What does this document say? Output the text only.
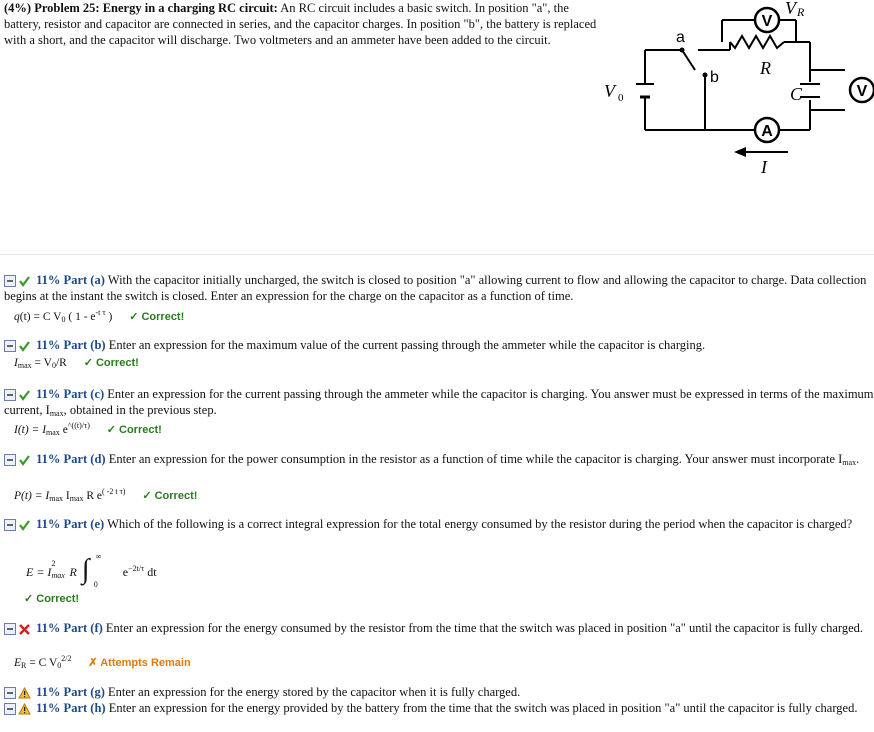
(4%) Problem 25: Energy in a charging RC circuit: An RC circuit includes a basic switch. In position "a", the battery, resistor and capacitor are connected in series, and the capacitor charges. In position "b", the battery is replaced with a short, and the capacitor will discharge. Two voltmeters and an ammeter have been added to the circuit.
V
A
V
a
b R
C
V 0
V R
I
11% Part (a) With the capacitor initially uncharged, the switch is closed to position "a" allowing current to flow and allowing the capacitor to charge. Data collection begins at the instant the switch is closed. Enter an expression for the charge on the capacitor as a function of time.
q(t) = C $V_0$ ( $1 - e^{-t \tau}$ ) ✓ Correct!
11% Part (b) Enter an expression for the maximum value of the current passing through the ammeter while the capacitor is charging.
$I_{max} = V_0/R$ ✓ Correct!
11% Part (c) Enter an expression for the current passing through the ammeter while the capacitor is charging. You answer must be expressed in terms of the maximum current, $I_{max}$, obtained in the previous step.
$I(t) = I_{max}$ $e^{\^{}((t)/\tau)}$ ✓ Correct!
11% Part (d) Enter an expression for the power consumption in the resistor as a function of time while the capacitor is charging. Your answer must incorporate $I_{max}$.
$P(t) = I_{max}$ $I_{max}$ R $e^{( -2 t \tau)}$ ✓ Correct!
11% Part (e) Which of the following is a correct integral expression for the total energy consumed by the resistor during the period when the capacitor is charged?
E = I
2
max R ∫ ∞
0
$e^{-2t/\tau}$ dt
✓ Correct!
11% Part (f) Enter an expression for the energy consumed by the resistor from the time that the switch was placed in position "a" until the capacitor is fully charged.
$E_R = C$ $V_0^{2/2}$ ✗ Attempts Remain
11% Part (g) Enter an expression for the energy stored by the capacitor when it is fully charged.
11% Part (h) Enter an expression for the energy provided by the battery from the time that the switch was placed in position "a" until the capacitor is fully charged.
